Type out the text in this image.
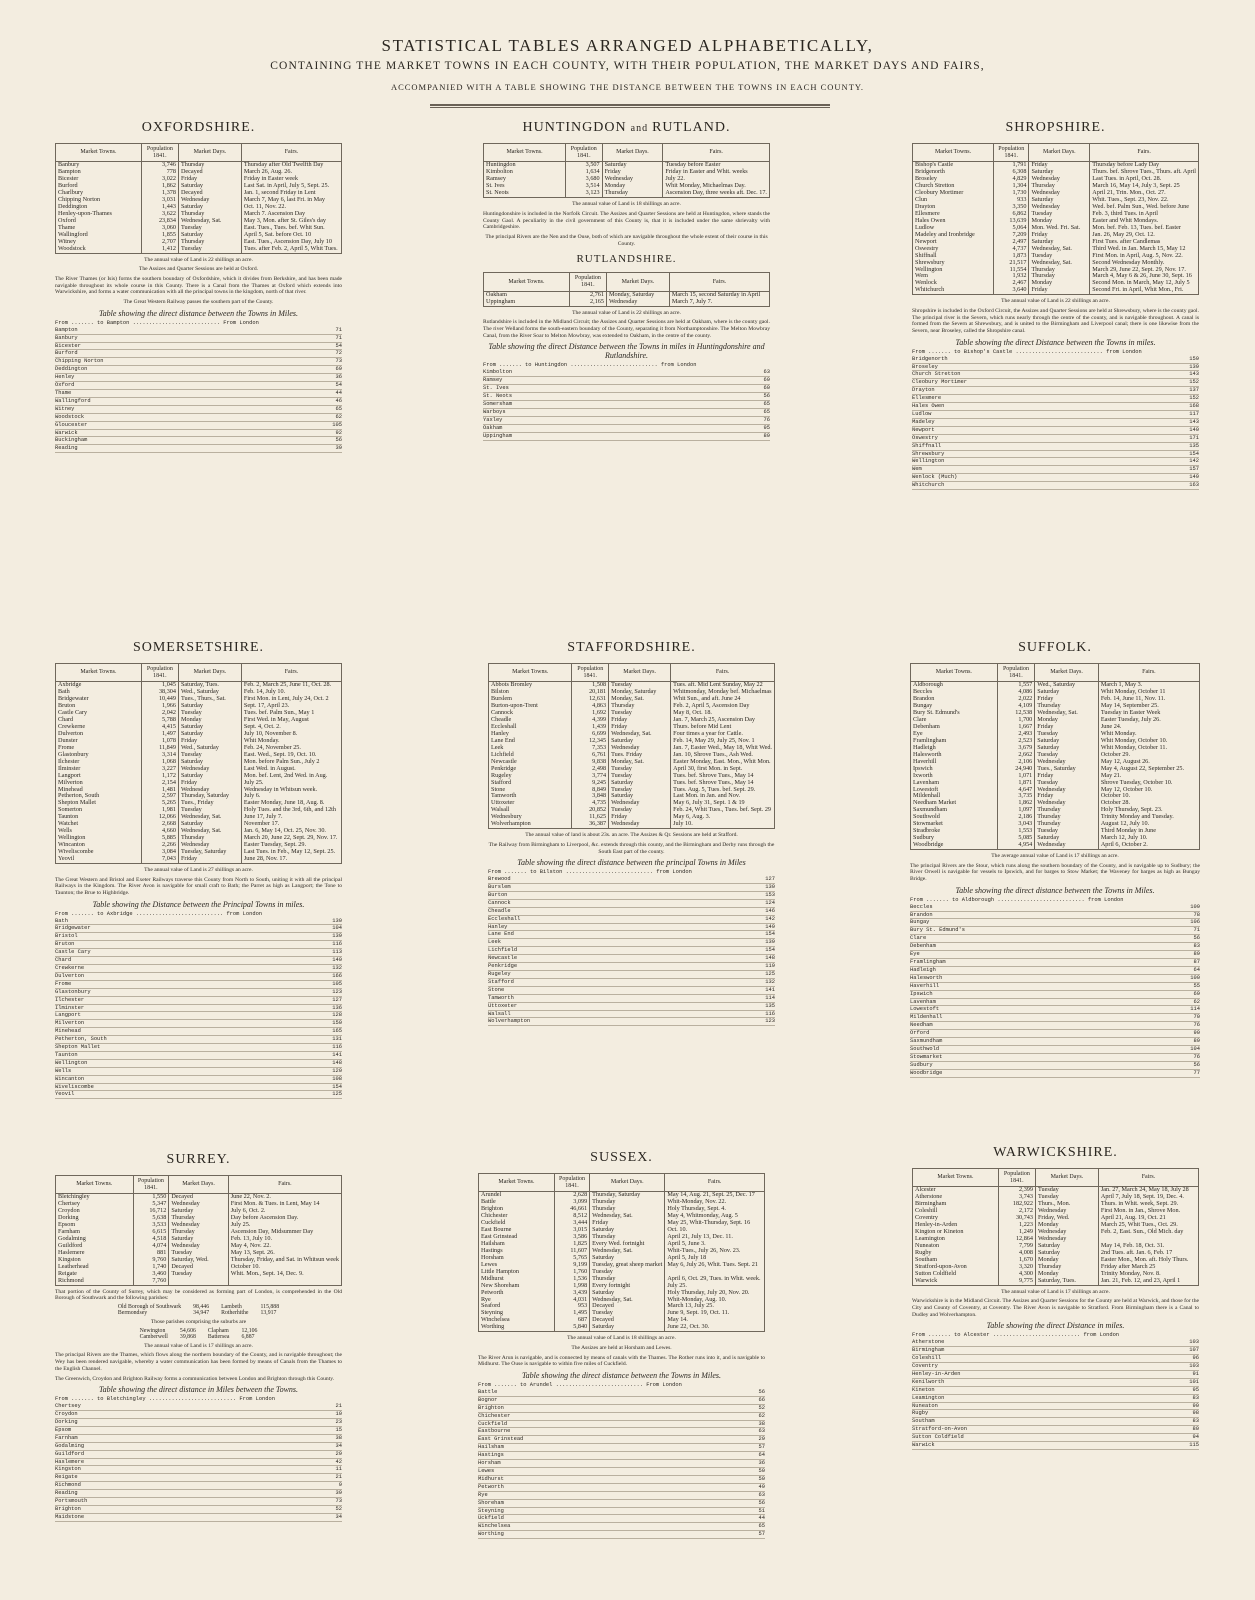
STATISTICAL TABLES ARRANGED ALPHABETICALLY,
CONTAINING THE MARKET TOWNS IN EACH COUNTY, WITH THEIR POPULATION, THE MARKET DAYS AND FAIRS,
ACCOMPANIED WITH A TABLE SHOWING THE DISTANCE BETWEEN THE TOWNS IN EACH COUNTY.
OXFORDSHIRE.
Market Towns.	Population 1841.	Market Days.	Fairs.
Banbury	3,746	Thursday	Thursday after Old Twelfth Day
Bampton	778	Decayed	March 26, Aug. 26.
Bicester	3,022	Friday	Friday in Easter week
Burford	1,862	Saturday	Last Sat. in April, July 5, Sept. 25.
Charlbury	1,378	Decayed	Jan. 1, second Friday in Lent
Chipping Norton	3,031	Wednesday	March 7, May 6, last Fri. in May
Deddington	1,443	Saturday	Oct. 11, Nov. 22.
Henley-upon-Thames	3,622	Thursday	March 7. Ascension Day
Oxford	23,834	Wednesday, Sat.	May 3, Mon. after St. Giles's day
Thame	3,060	Tuesday	East. Tues., Tues. bef. Whit Sun.
Wallingford	1,855	Saturday	April 5, Sat. before Oct. 10
Witney	2,707	Thursday	East. Tues., Ascension Day, July 10
Woodstock	1,412	Tuesday	Tues. after Feb. 2, April 5, Whit Tues.
The annual value of Land is 22 shillings an acre.
The Assizes and Quarter Sessions are held at Oxford.
The River Thames (or Isis) forms the southern boundary of Oxfordshire, which it divides from Berkshire, and has been made navigable throughout its whole course in this County. There is a Canal from the Thames at Oxford which extends into Warwickshire, and forms a water communication with all the principal towns in the kingdom, north of that river.
The Great Western Railway passes the southern part of the County.
Table showing the direct distance between the Towns in Miles.
From ....... to Bampton ........................... From London
Bampton	71
Banbury	71
Bicester	54
Burford	72
Chipping Norton	73
Deddington	69
Henley	36
Oxford	54
Thame	44
Wallingford	46
Witney	65
Woodstock	62
Gloucester	105
Warwick	92
Buckingham	56
Reading	39
HUNTINGDON and RUTLAND.
Market Towns.	Population 1841.	Market Days.	Fairs.
Huntingdon	3,507	Saturday	Tuesday before Easter
Kimbolton	1,634	Friday	Friday in Easter and Whit. weeks
Ramsey	3,680	Wednesday	July 22.
St. Ives	3,514	Monday	Whit Monday, Michaelmas Day.
St. Neots	3,123	Thursday	Ascension Day, three weeks aft. Dec. 17.
The annual value of Land is 18 shillings an acre.
Huntingdonshire is included in the Norfolk Circuit. The Assizes and Quarter Sessions are held at Huntingdon, where stands the County Gaol. A peculiarity in the civil government of this County is, that it is included under the same shrievalty with Cambridgeshire.
The principal Rivers are the Nen and the Ouse, both of which are navigable throughout the whole extent of their course in this County.
RUTLANDSHIRE.
Market Towns.	Population 1841.	Market Days.	Fairs.
Oakham	2,761	Monday, Saturday	March 15, second Saturday in April
Uppingham	2,165	Wednesday	March 7, July 7.
The annual value of Land is 22 shillings an acre.
Rutlandshire is included in the Midland Circuit; the Assizes and Quarter Sessions are held at Oakham, where is the county gaol. The river Welland forms the south-eastern boundary of the County, separating it from Northamptonshire. The Melton Mowbray Canal, from the River Soar to Melton Mowbray, was extended to Oakham, in the centre of the county.
Table showing the direct Distance between the Towns in miles in Huntingdonshire and Rutlandshire.
From ....... to Huntingdon ........................... from London
Kimbolton	63
Ramsey	69
St. Ives	60
St. Neots	56
Somersham	65
Warboys	65
Yaxley	76
Oakham	95
Uppingham	89
SHROPSHIRE.
Market Towns.	Population 1841.	Market Days.	Fairs.
Bishop's Castle	1,791	Friday	Thursday before Lady Day
Bridgenorth	6,308	Saturday	Thurs. bef. Shrove Tues., Thurs. aft. April
Broseley	4,829	Wednesday	Last Tues. in April, Oct. 28.
Church Stretton	1,304	Thursday	March 16, May 14, July 3, Sept. 25
Cleobury Mortimer	1,730	Wednesday	April 21, Trin. Mon., Oct. 27.
Clun	933	Saturday	Whit. Tues., Sept. 23, Nov. 22.
Drayton	3,350	Wednesday	Wed. bef. Palm Sun., Wed. before June
Ellesmere	6,862	Tuesday	Feb. 3, third Tues. in April
Hales Owen	13,639	Monday	Easter and Whit Mondays.
Ludlow	5,064	Mon. Wed. Fri. Sat.	Mon. bef. Feb. 13, Tues. bef. Easter
Madeley and Ironbridge	7,209	Friday	Jan. 26, May 29, Oct. 12.
Newport	2,497	Saturday	First Tues. after Candlemas
Oswestry	4,737	Wednesday, Sat.	Third Wed. in Jan. March 15, May 12
Shiffnall	1,873	Tuesday	First Mon. in April, Aug. 5, Nov. 22.
Shrewsbury	21,517	Wednesday, Sat.	Second Wednesday Monthly.
Wellington	11,554	Thursday	March 29, June 22, Sept. 29, Nov. 17.
Wem	1,932	Thursday	March 4, May 6 & 26, June 30, Sept. 16
Wenlock	2,467	Monday	Second Mon. in March, May 12, July 5
Whitchurch	3,640	Friday	Second Fri. in April, Whit Mon., Fri.
The annual value of Land is 22 shillings an acre.
Shropshire is included in the Oxford Circuit, the Assizes and Quarter Sessions are held at Shrewsbury, where is the county gaol. The principal river is the Severn, which runs nearly through the centre of the county, and is navigable throughout. A canal is formed from the Severn at Shrewsbury, and is united to the Birmingham and Liverpool canal; there is one likewise from the Severn, near Broseley, called the Shropshire canal.
Table showing the direct Distance between the Towns in miles.
From ....... to Bishop's Castle ........................... from London
Bridgenorth	159
Broseley	139
Church Stretton	143
Cleobury Mortimer	152
Drayton	137
Ellesmere	152
Hales Owen	168
Ludlow	117
Madeley	143
Newport	140
Oswestry	171
Shiffnall	135
Shrewsbury	154
Wellington	142
Wem	157
Wenlock (Much)	149
Whitchurch	163
SOMERSETSHIRE.
Market Towns.	Population 1841.	Market Days.	Fairs.
Axbridge	1,045	Saturday, Tues.	Feb. 2, March 25, June 11, Oct. 28.
Bath	38,304	Wed., Saturday	Feb. 14, July 10.
Bridgewater	10,449	Tues., Thurs., Sat.	First Mon. in Lent, July 24, Oct. 2
Bruton	1,966	Saturday	Sept. 17, April 23.
Castle Cary	2,042	Tuesday	Tues. bef. Palm Sun., May 1
Chard	5,788	Monday	First Wed. in May, August
Crewkerne	4,415	Saturday	Sept. 4, Oct. 2.
Dulverton	1,497	Saturday	July 10, November 8.
Dunster	1,078	Friday	Whit Monday.
Frome	11,849	Wed., Saturday	Feb. 24, November 25.
Glastonbury	3,314	Tuesday	East. Wed., Sept. 19, Oct. 10.
Ilchester	1,068	Saturday	Mon. before Palm Sun., July 2
Ilminster	3,227	Wednesday	Last Wed. in August.
Langport	1,172	Saturday	Mon. bef. Lent, 2nd Wed. in Aug.
Milverton	2,154	Friday	July 25.
Minehead	1,481	Wednesday	Wednesday in Whitsun week.
Petherton, South	2,597	Thursday, Saturday	July 6.
Shepton Mallet	5,265	Tues., Friday	Easter Monday, June 18, Aug. 8.
Somerton	1,981	Tuesday	Holy Tues. and the 3rd, 6th, and 12th
Taunton	12,066	Wednesday, Sat.	June 17, July 7.
Watchet	2,668	Saturday	November 17.
Wells	4,660	Wednesday, Sat.	Jan. 6, May 14, Oct. 25, Nov. 30.
Wellington	5,885	Thursday	March 20, June 22, Sept. 29, Nov. 17.
Wincanton	2,266	Wednesday	Easter Tuesday, Sept. 29.
Wiveliscombe	3,084	Tuesday, Saturday	Last Tues. in Feb., May 12, Sept. 25.
Yeovil	7,043	Friday	June 28, Nov. 17.
The annual value of Land is 27 shillings an acre.
The Great Western and Bristol and Exeter Railways traverse this County from North to South, uniting it with all the principal Railways in the Kingdom. The River Avon is navigable for small craft to Bath; the Parret as high as Langport; the Tone to Taunton; the Brue to Highbridge.
Table showing the Distance between the Principal Towns in miles.
From ....... to Axbridge ........................... from London
Bath	130
Bridgewater	104
Bristol	139
Bruton	116
Castle Cary	113
Chard	140
Crewkerne	132
Dulverton	166
Frome	105
Glastonbury	123
Ilchester	127
Ilminster	136
Langport	128
Milverton	150
Minehead	165
Petherton, South	131
Shepton Mallet	116
Taunton	141
Wellington	148
Wells	120
Wincanton	108
Wiveliscombe	154
Yeovil	125
STAFFORDSHIRE.
Market Towns.	Population 1841.	Market Days.	Fairs.
Abbots Bromley	1,508	Tuesday	Tues. aft. Mid Lent Sunday, May 22
Bilston	20,181	Monday, Saturday	Whitmonday, Monday bef. Michaelmas
Burslem	12,631	Monday, Sat.	Whit Sun., and aft. June 24
Burton-upon-Trent	4,863	Thursday	Feb. 2, April 5, Ascension Day
Cannock	1,692	Tuesday	May 8, Oct. 18.
Cheadle	4,399	Friday	Jan. 7, March 25, Ascension Day
Eccleshall	1,439	Friday	Thurs. before Mid Lent
Hanley	6,699	Wednesday, Sat.	Four times a year for Cattle.
Lane End	12,345	Saturday	Feb. 14, May 29, July 25, Nov. 1
Leek	7,353	Wednesday	Jan. 7, Easter Wed., May 18, Whit Wed.
Lichfield	6,761	Tues. Friday	Jan. 10, Shrove Tues., Ash Wed.
Newcastle	9,838	Monday, Sat.	Easter Monday, East. Mon., Whit Mon.
Penkridge	2,498	Tuesday	April 30, first Mon. in Sept.
Rugeley	3,774	Tuesday	Tues. bef. Shrove Tues., May 14
Stafford	9,245	Saturday	Tues. bef. Shrove Tues., May 14
Stone	8,849	Tuesday	Tues. Aug. 5, Tues. bef. Sept. 29.
Tamworth	3,848	Saturday	Last Mon. in Jan. and Nov.
Uttoxeter	4,735	Wednesday	May 6, July 31, Sept. 1 & 19
Walsall	20,852	Tuesday	Feb. 24, Whit Tues., Tues. bef. Sept. 29
Wednesbury	11,625	Friday	May 6, Aug. 3.
Wolverhampton	36,387	Wednesday	July 10.
The annual value of land is about 23s. an acre. The Assizes & Qr. Sessions are held at Stafford.
The Railway from Birmingham to Liverpool, &c. extends through this county, and the Birmingham and Derby runs through the South East part of the county.
Table showing the direct distance between the principal Towns in Miles
From ....... to Bilston ........................... from London
Brewood	127
Burslem	130
Burton	153
Cannock	124
Cheadle	146
Eccleshall	142
Hanley	149
Lane End	154
Leek	139
Lichfield	154
Newcastle	148
Penkridge	119
Rugeley	125
Stafford	132
Stone	141
Tamworth	114
Uttoxeter	135
Walsall	116
Wolverhampton	123
SUFFOLK.
Market Towns.	Population 1841.	Market Days.	Fairs.
Aldborough	1,557	Wed., Saturday	March 1, May 3.
Beccles	4,086	Saturday	Whit Monday, October 11
Brandon	2,022	Friday	Feb. 14, June 11, Nov. 11.
Bungay	4,109	Thursday	May 14, September 25.
Bury St. Edmund's	12,538	Wednesday, Sat.	Tuesday in Easter Week
Clare	1,700	Monday	Easter Tuesday, July 26.
Debenham	1,667	Friday	June 24.
Eye	2,493	Tuesday	Whit Monday.
Framlingham	2,523	Saturday	Whit Monday, October 10.
Hadleigh	3,679	Saturday	Whit Monday, October 11.
Halesworth	2,662	Tuesday	October 29.
Haverhill	2,106	Wednesday	May 12, August 26.
Ipswich	24,940	Tues., Saturday	May 4, August 22, September 25.
Ixworth	1,071	Friday	May 21.
Lavenham	1,871	Tuesday	Shrove Tuesday, October 10.
Lowestoft	4,647	Wednesday	May 12, October 10.
Mildenhall	3,735	Friday	October 10.
Needham Market	1,862	Wednesday	October 28.
Saxmundham	1,097	Thursday	Holy Thursday, Sept. 23.
Southwold	2,186	Thursday	Trinity Monday and Tuesday.
Stowmarket	3,043	Thursday	August 12, July 10.
Stradbroke	1,553	Tuesday	Third Monday in June
Sudbury	5,085	Saturday	March 12, July 10.
Woodbridge	4,954	Wednesday	April 6, October 2.
The average annual value of Land is 17 shillings an acre.
The principal Rivers are the Stour, which runs along the southern boundary of the County, and is navigable up to Sudbury; the River Orwell is navigable for vessels to Ipswich, and for barges to Stow Market; the Waveney for barges as high as Bungay Bridge.
Table showing the direct distance between the Towns in Miles.
From ....... to Aldborough ........................... from London
Beccles	109
Brandon	78
Bungay	106
Bury St. Edmund's	71
Clare	56
Debenham	83
Eye	89
Framlingham	87
Hadleigh	64
Halesworth	100
Haverhill	55
Ipswich	69
Lavenham	62
Lowestoft	114
Mildenhall	70
Needham	76
Orford	90
Saxmundham	89
Southwold	104
Stowmarket	76
Sudbury	56
Woodbridge	77
SURREY.
Market Towns.	Population 1841.	Market Days.	Fairs.
Bletchingley	1,550	Decayed	June 22, Nov. 2.
Chertsey	5,347	Wednesday	First Mon. & Tues. in Lent, May 14
Croydon	16,712	Saturday	July 6, Oct. 2.
Dorking	5,638	Thursday	Day before Ascension Day.
Epsom	3,533	Wednesday	July 25.
Farnham	6,615	Thursday	Ascension Day, Midsummer Day
Godalming	4,518	Saturday	Feb. 13, July 10.
Guildford	4,074	Wednesday	May 4, Nov. 22.
Haslemere	881	Tuesday	May 13, Sept. 26.
Kingston	9,760	Saturday, Wed.	Thursday, Friday, and Sat. in Whitsun week
Leatherhead	1,740	Decayed	October 10.
Reigate	3,460	Tuesday	Whit. Mon., Sept. 14, Dec. 9.
Richmond	7,760		
That portion of the County of Surrey, which may be considered as forming part of London, is comprehended in the Old Borough of Southwark and the following parishes:
Old Borough of Southwark	98,446	Lambeth	115,888
Bermondsey	34,947	Rotherhithe	13,917
Those parishes comprising the suburbs are
Newington	54,606	Clapham	12,106
Camberwell	39,868	Battersea	6,887
The annual value of Land is 17 shillings an acre.
The principal Rivers are the Thames, which flows along the northern boundary of the County, and is navigable throughout; the Wey has been rendered navigable, whereby a water communication has been formed by means of Canals from the Thames to the English Channel.
The Greenwich, Croydon and Brighton Railway forms a communication between London and Brighton through this County.
Table showing the direct distance in Miles between the Towns.
From ....... to Bletchingley ........................... From London
Chertsey	21
Croydon	10
Dorking	23
Epsom	15
Farnham	38
Godalming	34
Guildford	29
Haslemere	42
Kingston	11
Reigate	21
Richmond	9
Reading	39
Portsmouth	73
Brighton	52
Maidstone	34
SUSSEX.
Market Towns.	Population 1841.	Market Days.	Fairs.
Arundel	2,628	Thursday, Saturday	May 14, Aug. 21, Sept. 25, Dec. 17
Battle	3,099	Thursday	Whit-Monday, Nov. 22.
Brighton	46,661	Thursday	Holy Thursday, Sept. 4.
Chichester	8,512	Wednesday, Sat.	May 4, Whitmonday, Aug. 5
Cuckfield	3,444	Friday	May 25, Whit-Thursday, Sept. 16
East Bourne	3,015	Saturday	Oct. 10.
East Grinstead	3,586	Thursday	April 21, July 13, Dec. 11.
Hailsham	1,825	Every Wed. fortnight	April 5, June 3.
Hastings	11,607	Wednesday, Sat.	Whit-Tues., July 26, Nov. 23.
Horsham	5,765	Saturday	April 5, July 18
Lewes	9,199	Tuesday, great sheep market	May 6, July 26, Whit. Tues. Sept. 21
Little Hampton	1,760	Tuesday	
Midhurst	1,536	Thursday	April 6, Oct. 29, Tues. in Whit. week.
New Shoreham	1,998	Every fortnight	July 25.
Petworth	3,439	Saturday	Holy Thursday, July 20, Nov. 20.
Rye	4,031	Wednesday, Sat.	Whit-Monday, Aug. 10.
Seaford	953	Decayed	March 13, July 25.
Steyning	1,495	Tuesday	June 9, Sept. 19, Oct. 11.
Winchelsea	687	Decayed	May 14.
Worthing	5,840	Saturday	June 22, Oct. 30.
The annual value of Land is 18 shillings an acre.
The Assizes are held at Horsham and Lewes.
The River Arun is navigable, and is connected by means of canals with the Thames. The Rother runs into it, and is navigable to Midhurst. The Ouse is navigable to within five miles of Cuckfield.
Table showing the direct distance between the Towns in Miles.
From ....... to Arundel ........................... From London
Battle	56
Bognor	66
Brighton	52
Chichester	62
Cuckfield	38
Eastbourne	63
East Grinstead	29
Hailsham	57
Hastings	64
Horsham	36
Lewes	50
Midhurst	50
Petworth	49
Rye	63
Shoreham	56
Steyning	51
Uckfield	44
Winchelsea	65
Worthing	57
WARWICKSHIRE.
Market Towns.	Population 1841.	Market Days.	Fairs.
Alcester	2,399	Tuesday	Jan. 27, March 24, May 18, July 28
Atherstone	3,743	Tuesday	April 7, July 18, Sept. 19, Dec. 4.
Birmingham	182,922	Thurs., Mon.	Thurs. in Whit. week, Sept. 29.
Coleshill	2,172	Wednesday	First Mon. in Jan., Shrove Mon.
Coventry	30,743	Friday, Wed.	April 21, Aug. 19, Oct. 21
Henley-in-Arden	1,223	Monday	March 25, Whit Tues., Oct. 29.
Kington or Kineton	1,249	Wednesday	Feb. 2, East. Sun., Old Mich. day
Leamington	12,864	Wednesday	
Nuneaton	7,799	Saturday	May 14, Feb. 18, Oct. 31.
Rugby	4,008	Saturday	2nd Tues. aft. Jan. 6, Feb. 17
Southam	1,670	Monday	Easter Mon., Mon. aft. Holy Thurs.
Stratford-upon-Avon	3,320	Thursday	Friday after March 25
Sutton Coldfield	4,300	Monday	Trinity Monday, Nov. 8.
Warwick	9,775	Saturday, Tues.	Jan. 21, Feb. 12, and 23, April 1
The annual value of Land is 17 shillings an acre.
Warwickshire is in the Midland Circuit. The Assizes and Quarter Sessions for the County are held at Warwick, and those for the City and County of Coventry, at Coventry. The River Avon is navigable to Stratford. From Birmingham there is a Canal to Dudley and Wolverhampton.
Table showing the direct Distance in miles.
From ....... to Alcester ........................... from London
Atherstone	103
Birmingham	107
Coleshill	96
Coventry	103
Henley-in-Arden	91
Kenilworth	101
Kineton	95
Leamington	83
Nuneaton	90
Rugby	98
Southam	83
Stratford-on-Avon	80
Sutton Coldfield	94
Warwick	115
